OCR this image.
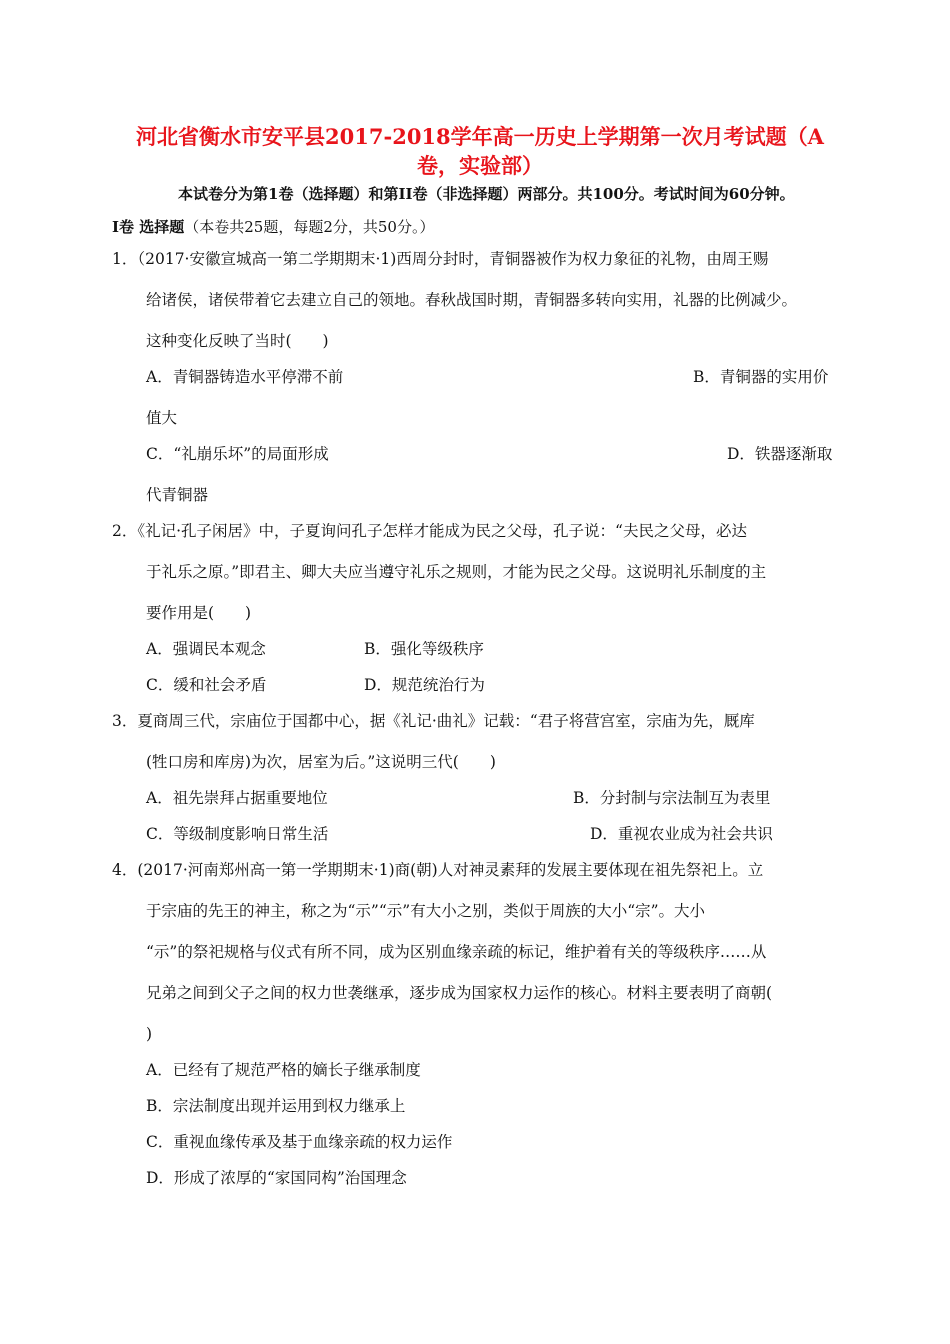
河北省衡水市安平县2017-2018学年高一历史上学期第一次月考试题（A
卷，实验部）
本试卷分为第1卷（选择题）和第II卷（非选择题）两部分。共100分。考试时间为60分钟。
I卷 选择题（本卷共25题，每题2分，共50分。）
1．（2017·安徽宣城高一第二学期期末·1)西周分封时，青铜器被作为权力象征的礼物，由周王赐
给诸侯，诸侯带着它去建立自己的领地。春秋战国时期，青铜器多转向实用，礼器的比例减少。
这种变化反映了当时(　　)
A．青铜器铸造水平停滞不前	B．青铜器的实用价
值大
C．“礼崩乐坏”的局面形成	D．铁器逐渐取
代青铜器
2．《礼记·孔子闲居》中，子夏询问孔子怎样才能成为民之父母，孔子说：“夫民之父母，必达
于礼乐之原。”即君主、卿大夫应当遵守礼乐之规则，才能为民之父母。这说明礼乐制度的主
要作用是(　　)
A．强调民本观念	B．强化等级秩序
C．缓和社会矛盾	D．规范统治行为
3．夏商周三代，宗庙位于国都中心，据《礼记·曲礼》记载：“君子将营宫室，宗庙为先，厩库
(牲口房和库房)为次，居室为后。”这说明三代(　　)
A．祖先崇拜占据重要地位	B．分封制与宗法制互为表里
C．等级制度影响日常生活	D．重视农业成为社会共识
4．(2017·河南郑州高一第一学期期末·1)商(朝)人对神灵素拜的发展主要体现在祖先祭祀上。立
于宗庙的先王的神主，称之为“示”“示”有大小之别，类似于周族的大小“宗”。大小
“示”的祭祀规格与仪式有所不同，成为区别血缘亲疏的标记，维护着有关的等级秩序……从
兄弟之间到父子之间的权力世袭继承，逐步成为国家权力运作的核心。材料主要表明了商朝(
)
A．已经有了规范严格的嫡长子继承制度
B．宗法制度出现并运用到权力继承上
C．重视血缘传承及基于血缘亲疏的权力运作
D．形成了浓厚的“家国同构”治国理念
